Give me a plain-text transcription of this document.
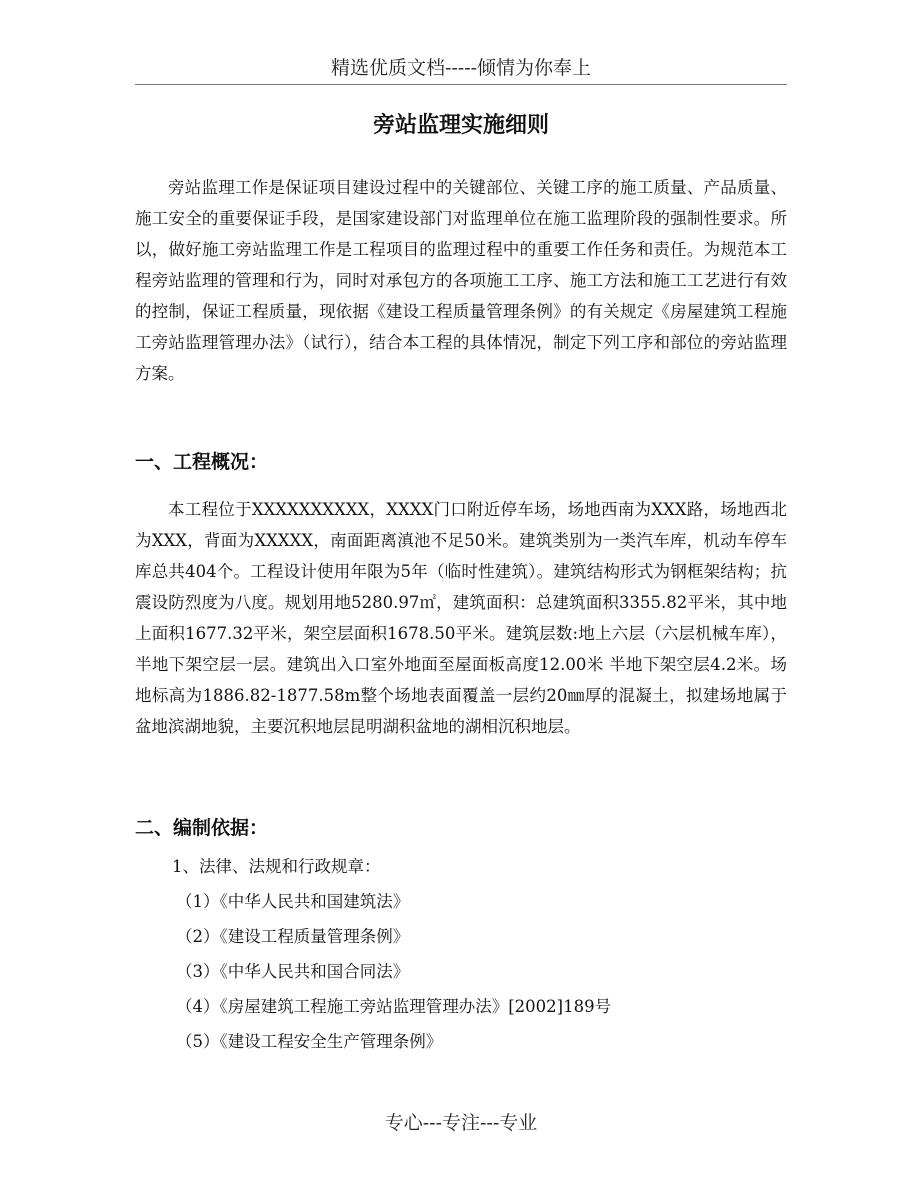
精选优质文档-----倾情为你奉上
旁站监理实施细则

旁站监理工作是保证项目建设过程中的关键部位、关键工序的施工质量、产品质量、施工安全的重要保证手段，是国家建设部门对监理单位在施工监理阶段的强制性要求。所以，做好施工旁站监理工作是工程项目的监理过程中的重要工作任务和责任。为规范本工程旁站监理的管理和行为，同时对承包方的各项施工工序、施工方法和施工工艺进行有效的控制，保证工程质量，现依据《建设工程质量管理条例》的有关规定《房屋建筑工程施工旁站监理管理办法》（试行），结合本工程的具体情况，制定下列工序和部位的旁站监理方案。

一、工程概况：

本工程位于XXXXXXXXXX，XXXX门口附近停车场，场地西南为XXX路，场地西北为XXX，背面为XXXXX，南面距离滇池不足50米。建筑类别为一类汽车库，机动车停车库总共404个。工程设计使用年限为5年（临时性建筑）。建筑结构形式为钢框架结构；抗震设防烈度为八度。规划用地5280.97㎡，建筑面积：总建筑面积3355.82平米，其中地上面积1677.32平米，架空层面积1678.50平米。建筑层数:地上六层（六层机械车库），半地下架空层一层。建筑出入口室外地面至屋面板高度12.00米 半地下架空层4.2米。场地标高为1886.82-1877.58m整个场地表面覆盖一层约20㎜厚的混凝土，拟建场地属于盆地滨湖地貌，主要沉积地层昆明湖积盆地的湖相沉积地层。

二、编制依据：

1、法律、法规和行政规章：

（1）《中华人民共和国建筑法》
（2）《建设工程质量管理条例》
（3）《中华人民共和国合同法》
（4）《房屋建筑工程施工旁站监理管理办法》[2002]189号
（5）《建设工程安全生产管理条例》
专心---专注---专业
